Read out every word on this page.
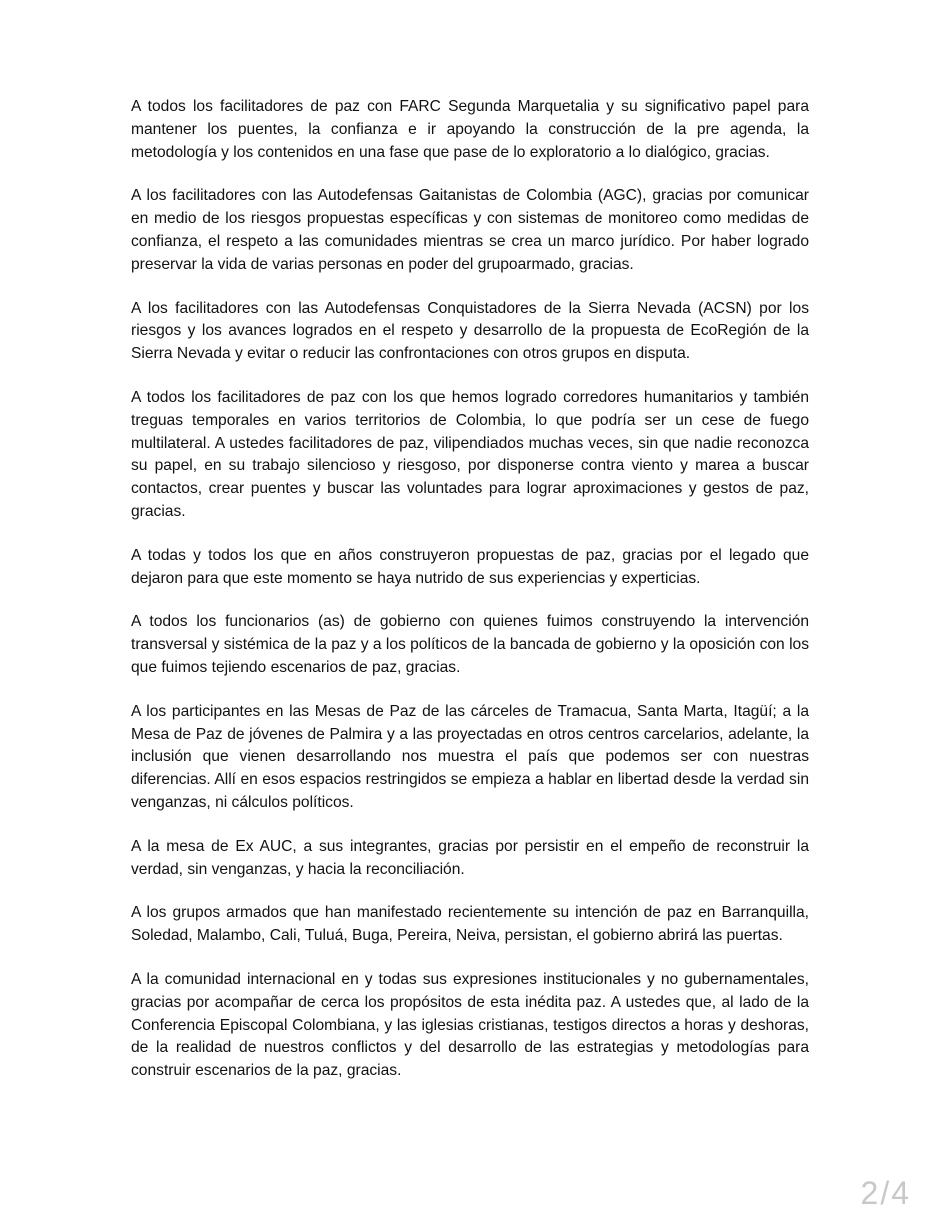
A todos los facilitadores de paz con FARC Segunda Marquetalia y su significativo papel para mantener los puentes, la confianza e ir apoyando la construcción de la pre agenda, la metodología y los contenidos en una fase que pase de lo exploratorio a lo dialógico, gracias.

A los facilitadores con las Autodefensas Gaitanistas de Colombia (AGC), gracias por comunicar en medio de los riesgos propuestas específicas y con sistemas de monitoreo como medidas de confianza, el respeto a las comunidades mientras se crea un marco jurídico. Por haber logrado preservar la vida de varias personas en poder del grupoarmado, gracias.

A los facilitadores con las Autodefensas Conquistadores de la Sierra Nevada (ACSN) por los riesgos y los avances logrados en el respeto y desarrollo de la propuesta de EcoRegión de la Sierra Nevada y evitar o reducir las confrontaciones con otros grupos en disputa.

A todos los facilitadores de paz con los que hemos logrado corredores humanitarios y también treguas temporales en varios territorios de Colombia, lo que podría ser un cese de fuego multilateral. A ustedes facilitadores de paz, vilipendiados muchas veces, sin que nadie reconozca su papel, en su trabajo silencioso y riesgoso, por disponerse contra viento y marea a buscar contactos, crear puentes y buscar las voluntades para lograr aproximaciones y gestos de paz, gracias.

A todas y todos los que en años construyeron propuestas de paz, gracias por el legado que dejaron para que este momento se haya nutrido de sus experiencias y experticias.

A todos los funcionarios (as) de gobierno con quienes fuimos construyendo la intervención transversal y sistémica de la paz y a los políticos de la bancada de gobierno y la oposición con los que fuimos tejiendo escenarios de paz, gracias.

A los participantes en las Mesas de Paz de las cárceles de Tramacua, Santa Marta, Itagüí; a la Mesa de Paz de jóvenes de Palmira y a las proyectadas en otros centros carcelarios, adelante, la inclusión que vienen desarrollando nos muestra el país que podemos ser con nuestras diferencias. Allí en esos espacios restringidos se empieza a hablar en libertad desde la verdad sin venganzas, ni cálculos políticos.

A la mesa de Ex AUC, a sus integrantes, gracias por persistir en el empeño de reconstruir la verdad, sin venganzas, y hacia la reconciliación.

A los grupos armados que han manifestado recientemente su intención de paz en Barranquilla, Soledad, Malambo, Cali, Tuluá, Buga, Pereira, Neiva, persistan, el gobierno abrirá las puertas.

A la comunidad internacional en y todas sus expresiones institucionales y no gubernamentales, gracias por acompañar de cerca los propósitos de esta inédita paz. A ustedes que, al lado de la Conferencia Episcopal Colombiana, y las iglesias cristianas, testigos directos a horas y deshoras, de la realidad de nuestros conflictos y del desarrollo de las estrategias y metodologías para construir escenarios de la paz, gracias.

2/4
